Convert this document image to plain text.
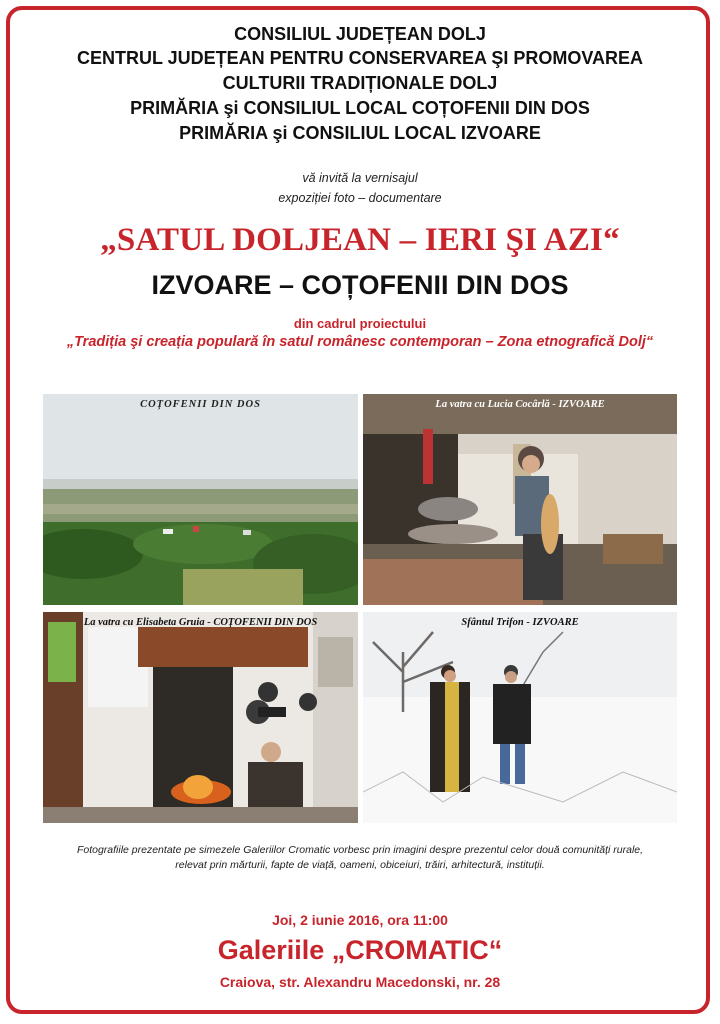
CONSILIUL JUDEȚEAN DOLJ
CENTRUL JUDEȚEAN PENTRU CONSERVAREA ŞI PROMOVAREA
CULTURII TRADIȚIONALE DOLJ
PRIMĂRIA şi CONSILIUL LOCAL COȚOFENII DIN DOS
PRIMĂRIA şi CONSILIUL LOCAL IZVOARE
vă invită la vernisajul
expoziției foto – documentare
„SATUL DOLJEAN – IERI ŞI AZI“
IZVOARE – COȚOFENII DIN DOS
din cadrul proiectului
„Tradiția şi creația populară în satul românesc contemporan – Zona etnografică Dolj“
COȚOFENII DIN DOS	La vatra cu Lucia Cocârlă - IZVOARE
La vatra cu Elisabeta Gruia - COȚOFENII DIN DOS	Sfântul Trifon - IZVOARE
Fotografiile prezentate pe simezele Galeriilor Cromatic vorbesc prin imagini despre prezentul celor două comunități rurale,
relevat prin mărturii, fapte de viață, oameni, obiceiuri, trăiri, arhitectură, instituții.
Joi, 2 iunie 2016, ora 11:00
Galeriile „CROMATIC“
Craiova, str. Alexandru Macedonski, nr. 28
